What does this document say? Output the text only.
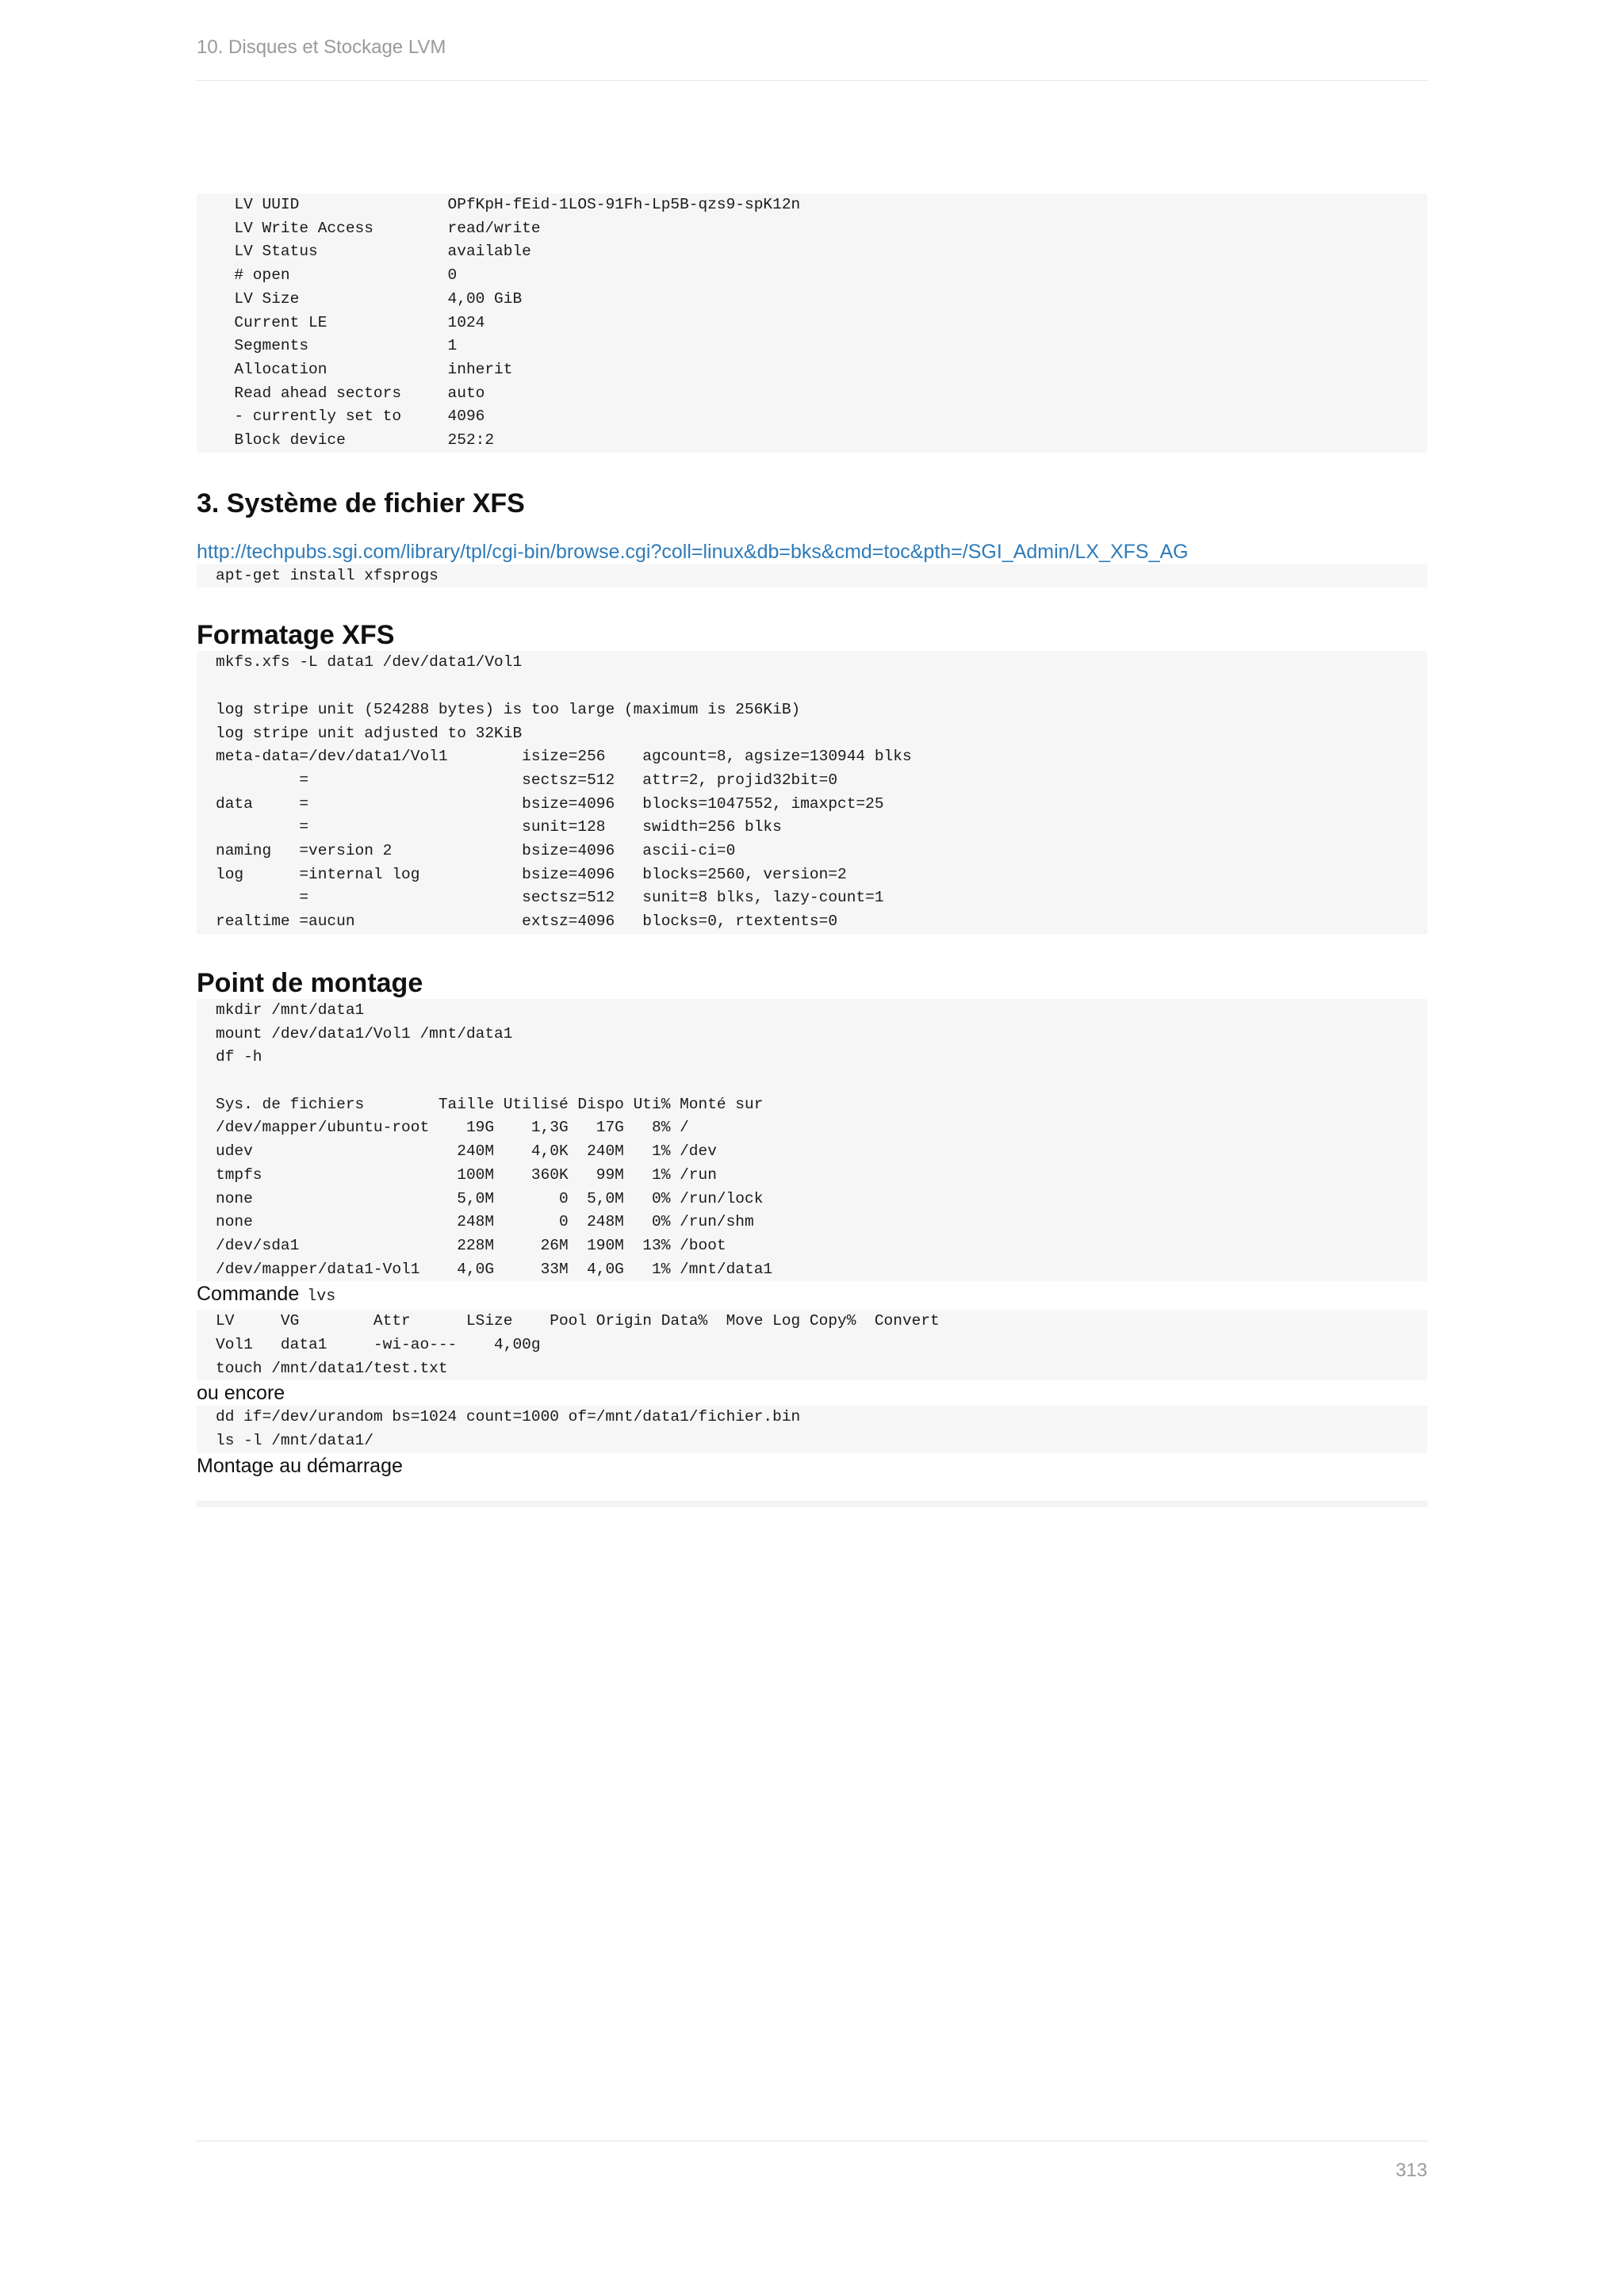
10. Disques et Stockage LVM
LV UUID                OPfKpH-fEid-1LOS-91Fh-Lp5B-qzs9-spK12n
LV Write Access        read/write
LV Status              available
# open                 0
LV Size                4,00 GiB
Current LE             1024
Segments               1
Allocation             inherit
Read ahead sectors     auto
- currently set to     4096
Block device           252:2
3. Système de fichier XFS
http://techpubs.sgi.com/library/tpl/cgi-bin/browse.cgi?coll=linux&db=bks&cmd=toc&pth=/SGI_Admin/LX_XFS_AG
apt-get install xfsprogs
Formatage XFS
mkfs.xfs -L data1 /dev/data1/Vol1

log stripe unit (524288 bytes) is too large (maximum is 256KiB)
log stripe unit adjusted to 32KiB
meta-data=/dev/data1/Vol1        isize=256    agcount=8, agsize=130944 blks
=                       sectsz=512   attr=2, projid32bit=0
data     =                       bsize=4096   blocks=1047552, imaxpct=25
=                       sunit=128    swidth=256 blks
naming   =version 2              bsize=4096   ascii-ci=0
log      =internal log           bsize=4096   blocks=2560, version=2
=                       sectsz=512   sunit=8 blks, lazy-count=1
realtime =aucun                  extsz=4096   blocks=0, rtextents=0
Point de montage
mkdir /mnt/data1
mount /dev/data1/Vol1 /mnt/data1
df -h

Sys. de fichiers        Taille Utilisé Dispo Uti% Monté sur
/dev/mapper/ubuntu-root    19G    1,3G   17G   8% /
udev                      240M    4,0K  240M   1% /dev
tmpfs                     100M    360K   99M   1% /run
none                      5,0M       0  5,0M   0% /run/lock
none                      248M       0  248M   0% /run/shm
/dev/sda1                 228M     26M  190M  13% /boot
/dev/mapper/data1-Vol1    4,0G     33M  4,0G   1% /mnt/data1

Commande lvs

LV     VG        Attr      LSize    Pool Origin Data%  Move Log Copy%  Convert
Vol1   data1     -wi-ao---    4,00g
touch /mnt/data1/test.txt

ou encore

dd if=/dev/urandom bs=1024 count=1000 of=/mnt/data1/fichier.bin
ls -l /mnt/data1/

Montage au démarrage

313
